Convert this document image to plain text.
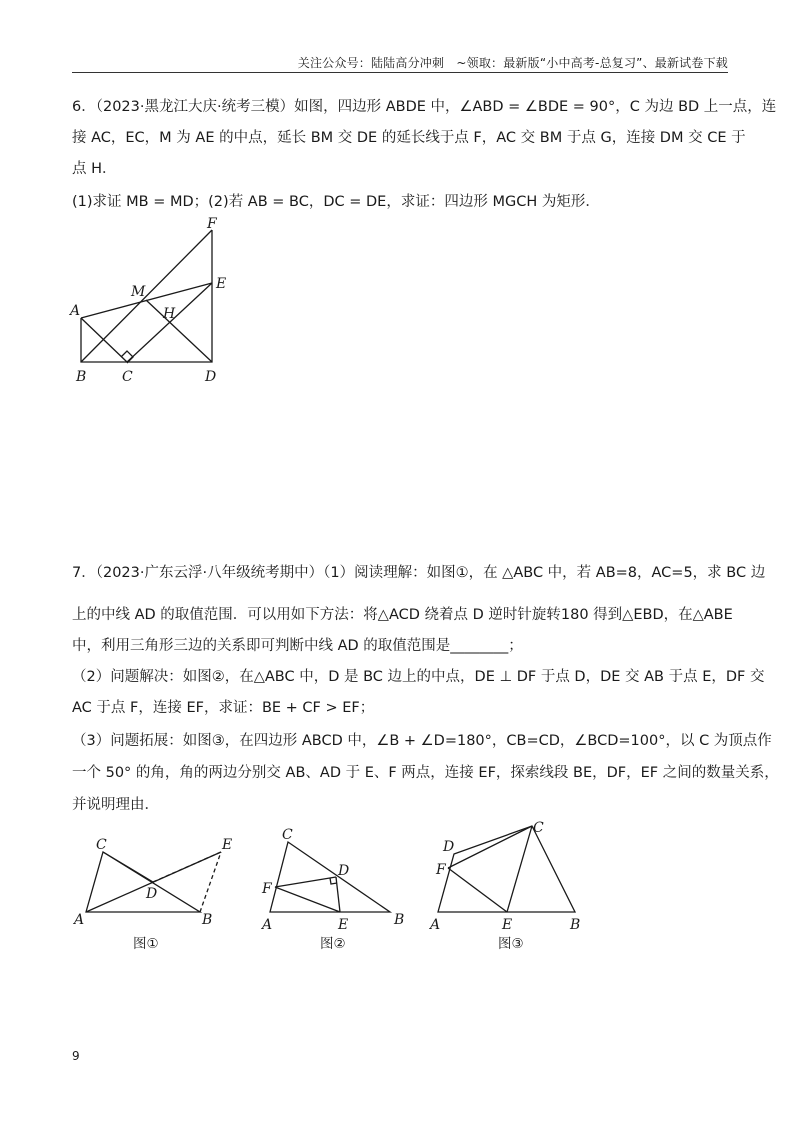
关注公众号：陆陆高分冲刺　~领取：最新版“小中高考-总复习”、最新试卷下载
6．（2023·黑龙江大庆·统考三模）如图，四边形 ABDE 中，∠ABD = ∠BDE = 90°，C 为边 BD 上一点，连
接 AC，EC，M 为 AE 的中点，延长 BM 交 DE 的延长线于点 F，AC 交 BM 于点 G，连接 DM 交 CE 于
点 H．
(1)求证 MB = MD；(2)若 AB = BC，DC = DE，求证：四边形 MGCH 为矩形．
F
E
M
A	H
B	C	D
7．（2023·广东云浮·八年级统考期中）（1）阅读理解：如图①，在 △ABC 中，若 AB=8，AC=5，求 BC 边
上的中线 AD 的取值范围．可以用如下方法：将△ACD 绕着点 D 逆时针旋转180 得到△EBD，在△ABE
中，利用三角形三边的关系即可判断中线 AD 的取值范围是________；
（2）问题解决：如图②，在△ABC 中，D 是 BC 边上的中点，DE ⊥ DF 于点 D，DE 交 AB 于点 E，DF 交
AC 于点 F，连接 EF，求证：BE + CF > EF；
（3）问题拓展：如图③，在四边形 ABCD 中，∠B + ∠D=180°，CB=CD，∠BCD=100°，以 C 为顶点作
一个 50° 的角，角的两边分别交 AB、AD 于 E、F 两点，连接 EF，探索线段 BE，DF，EF 之间的数量关系，
并说明理由．
C	E
D
A	B
图①
C
D
F
A	E	B
图②
D
C
F
A	E	B
图③
9
